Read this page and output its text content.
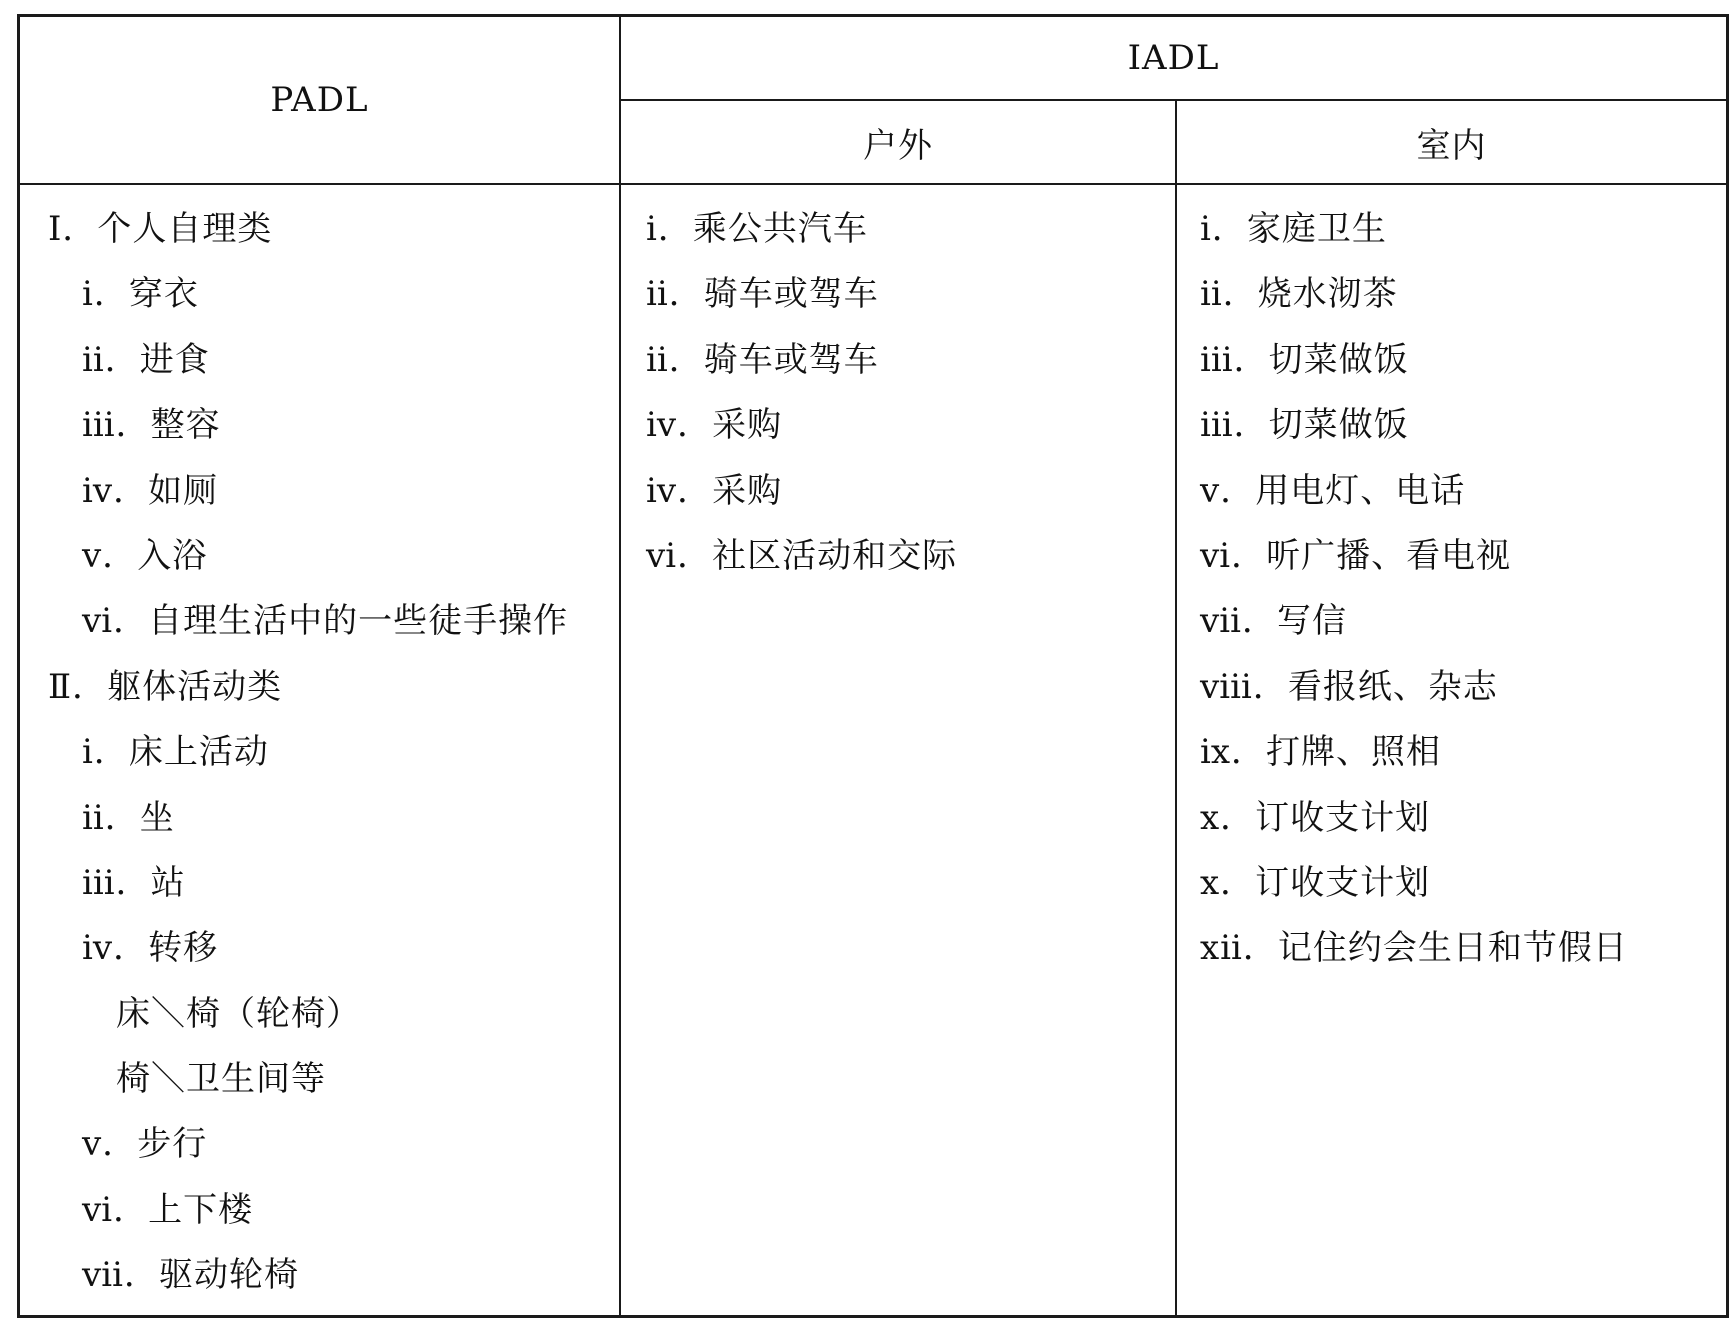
PADL
IADL
户外	室内
Ⅰ．个人自理类
ⅰ．穿衣
ⅱ．进食
ⅲ．整容
ⅳ．如厕
ⅴ．入浴
ⅵ．自理生活中的一些徒手操作
Ⅱ．躯体活动类
ⅰ．床上活动
ⅱ．坐
ⅲ．站
ⅳ．转移
床＼椅（轮椅）
椅＼卫生间等
ⅴ．步行
ⅵ．上下楼
ⅶ．驱动轮椅
ⅰ．乘公共汽车
ⅱ．骑车或驾车
ⅱ．骑车或驾车
ⅳ．采购
ⅳ．采购
ⅵ．社区活动和交际
ⅰ．家庭卫生
ⅱ．烧水沏茶
ⅲ．切菜做饭
ⅲ．切菜做饭
ⅴ．用电灯、电话
ⅵ．听广播、看电视
ⅶ．写信
ⅷ．看报纸、杂志
ⅸ．打牌、照相
ⅹ．订收支计划
ⅹ．订收支计划
ⅹⅱ．记住约会生日和节假日
